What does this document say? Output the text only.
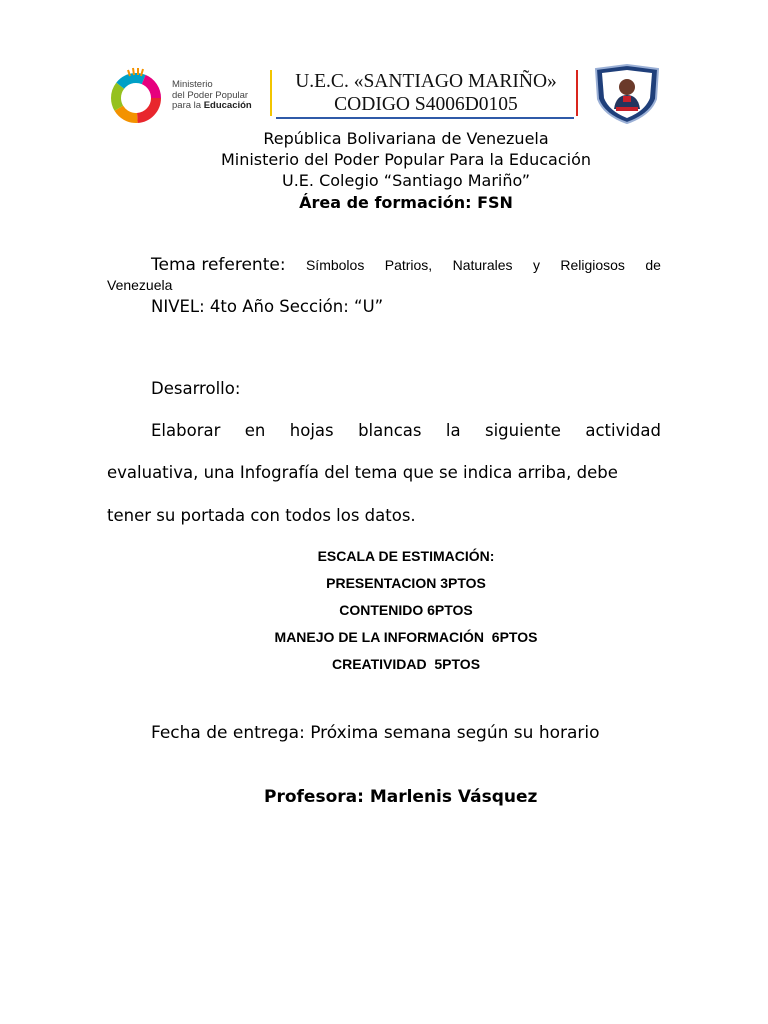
Ministerio
del Poder Popular
para la Educación
U.E.C. «SANTIAGO MARIÑO»
CODIGO S4006D0105
República Bolivariana de Venezuela
Ministerio del Poder Popular Para la Educación
U.E. Colegio “Santiago Mariño”
Área de formación: FSN
Tema referente: Símbolos Patrios, Naturales y Religiosos de
Venezuela
NIVEL: 4to Año Sección: “U”
Desarrollo:
Elaborar en hojas blancas la siguiente actividad
evaluativa, una Infografía del tema que se indica arriba, debe
tener su portada con todos los datos.
ESCALA DE ESTIMACIÓN:
PRESENTACION 3PTOS
CONTENIDO 6PTOS
MANEJO DE LA INFORMACIÓN  6PTOS
CREATIVIDAD  5PTOS
Fecha de entrega: Próxima semana según su horario
Profesora: Marlenis Vásquez
